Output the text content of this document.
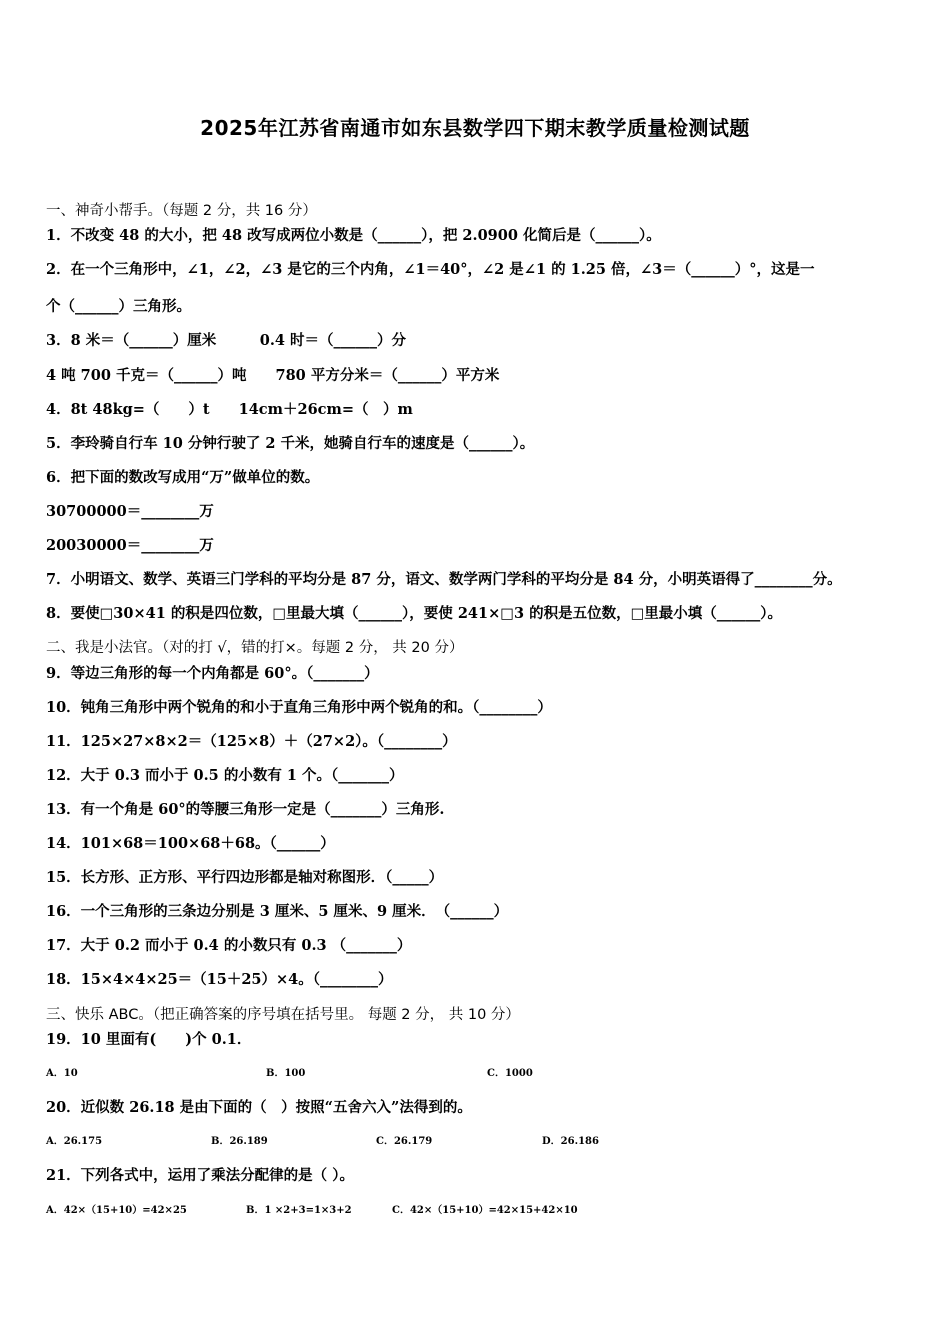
2025年江苏省南通市如东县数学四下期末教学质量检测试题
一、神奇小帮手。（每题 2 分，共 16 分）
1．不改变 48 的大小，把 48 改写成两位小数是（______），把 2.0900 化简后是（______）。
2．在一个三角形中，∠1，∠2，∠3 是它的三个内角，∠1＝40°，∠2 是∠1 的 1.25 倍，∠3＝（______）°，这是一
个（______）三角形。
3．8 米＝（______）厘米　　　0.4 时＝（______）分
4 吨 700 千克＝（______）吨　　780 平方分米＝（______）平方米
4．8t 48kg=（　　）t　　14cm＋26cm=（　）m
5．李玲骑自行车 10 分钟行驶了 2 千米，她骑自行车的速度是（______）。
6．把下面的数改写成用“万”做单位的数。
30700000＝________万
20030000＝________万
7．小明语文、数学、英语三门学科的平均分是 87 分，语文、数学两门学科的平均分是 84 分，小明英语得了________分。
8．要使□30×41 的积是四位数，□里最大填（______），要使 241×□3 的积是五位数，□里最小填（______）。
二、我是小法官。（对的打 √，错的打×。每题 2 分， 共 20 分）
9．等边三角形的每一个内角都是 60°。（_______）
10．钝角三角形中两个锐角的和小于直角三角形中两个锐角的和。（________）
11．125×27×8×2＝（125×8）＋（27×2）。（________）
12．大于 0.3 而小于 0.5 的小数有 1 个。（_______）
13．有一个角是 60°的等腰三角形一定是（_______）三角形.
14．101×68＝100×68＋68。（______）
15．长方形、正方形、平行四边形都是轴对称图形．（_____）
16．一个三角形的三条边分别是 3 厘米、5 厘米、9 厘米．　（______）
17．大于 0.2 而小于 0.4 的小数只有 0.3 （_______）
18．15×4×4×25＝（15＋25）×4。（________）
三、快乐 ABC。（把正确答案的序号填在括号里。 每题 2 分， 共 10 分）
19．10 里面有(　　)个 0.1．
A．10	B．100	C．1000
20．近似数 26.18 是由下面的（　）按照“五舍六入”法得到的。
A．26.175	B．26.189	C．26.179	D．26.186
21．下列各式中，运用了乘法分配律的是（ ）。
A．42×（15+10）=42×25	B．1 ×2+3=1×3+2	C．42×（15+10）=42×15+42×10
